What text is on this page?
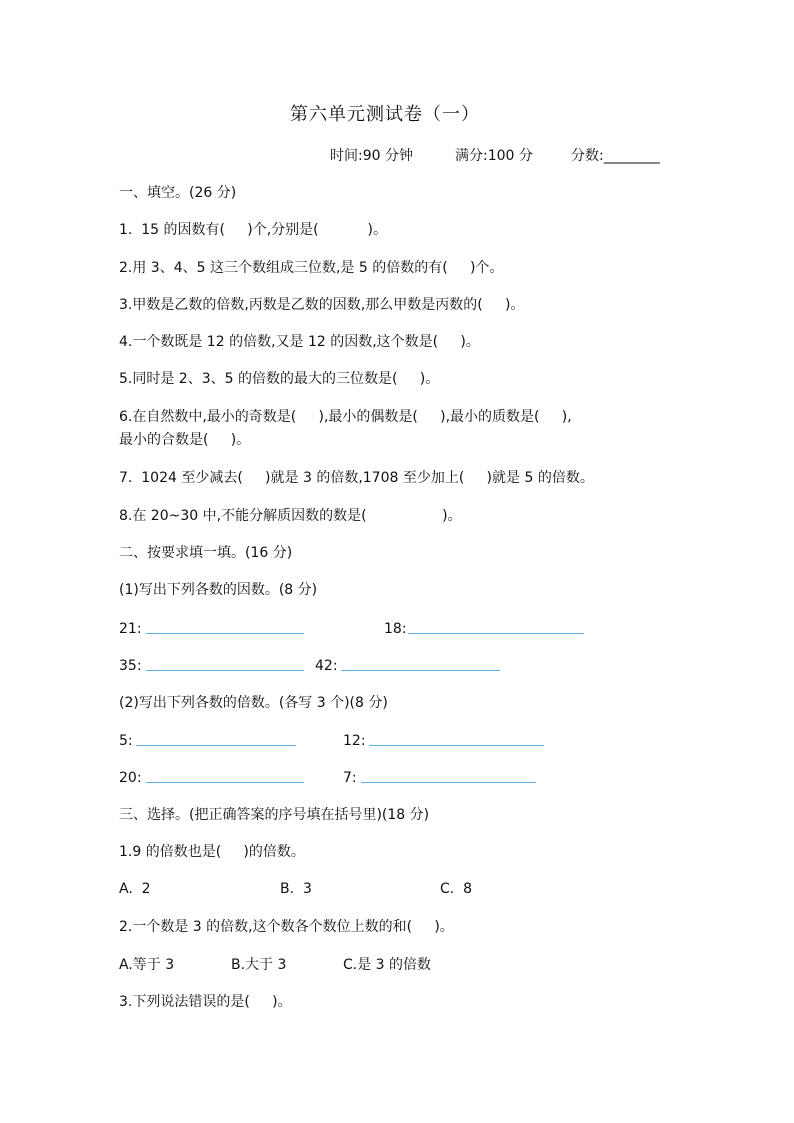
第六单元测试卷（一）
时间:90 分钟	满分:100 分	分数:________
一、填空。(26 分)
1.  15 的因数有(     )个,分别是(           )。
2.用 3、4、5 这三个数组成三位数,是 5 的倍数的有(     )个。
3.甲数是乙数的倍数,丙数是乙数的因数,那么甲数是丙数的(     )。
4.一个数既是 12 的倍数,又是 12 的因数,这个数是(     )。
5.同时是 2、3、5 的倍数的最大的三位数是(     )。
6.在自然数中,最小的奇数是(     ),最小的偶数是(     ),最小的质数是(     ),
最小的合数是(     )。
7.  1024 至少减去(     )就是 3 的倍数,1708 至少加上(     )就是 5 的倍数。
8.在 20~30 中,不能分解质因数的数是(                 )。
二、按要求填一填。(16 分)
(1)写出下列各数的因数。(8 分)
21:	18:
35:	42:
(2)写出下列各数的倍数。(各写 3 个)(8 分)
5:	12:
20:	7:
三、选择。(把正确答案的序号填在括号里)(18 分)
1.9 的倍数也是(     )的倍数。
A.  2	B.  3	C.  8
2.一个数是 3 的倍数,这个数各个数位上数的和(     )。
A.等于 3	B.大于 3	C.是 3 的倍数
3.下列说法错误的是(     )。
